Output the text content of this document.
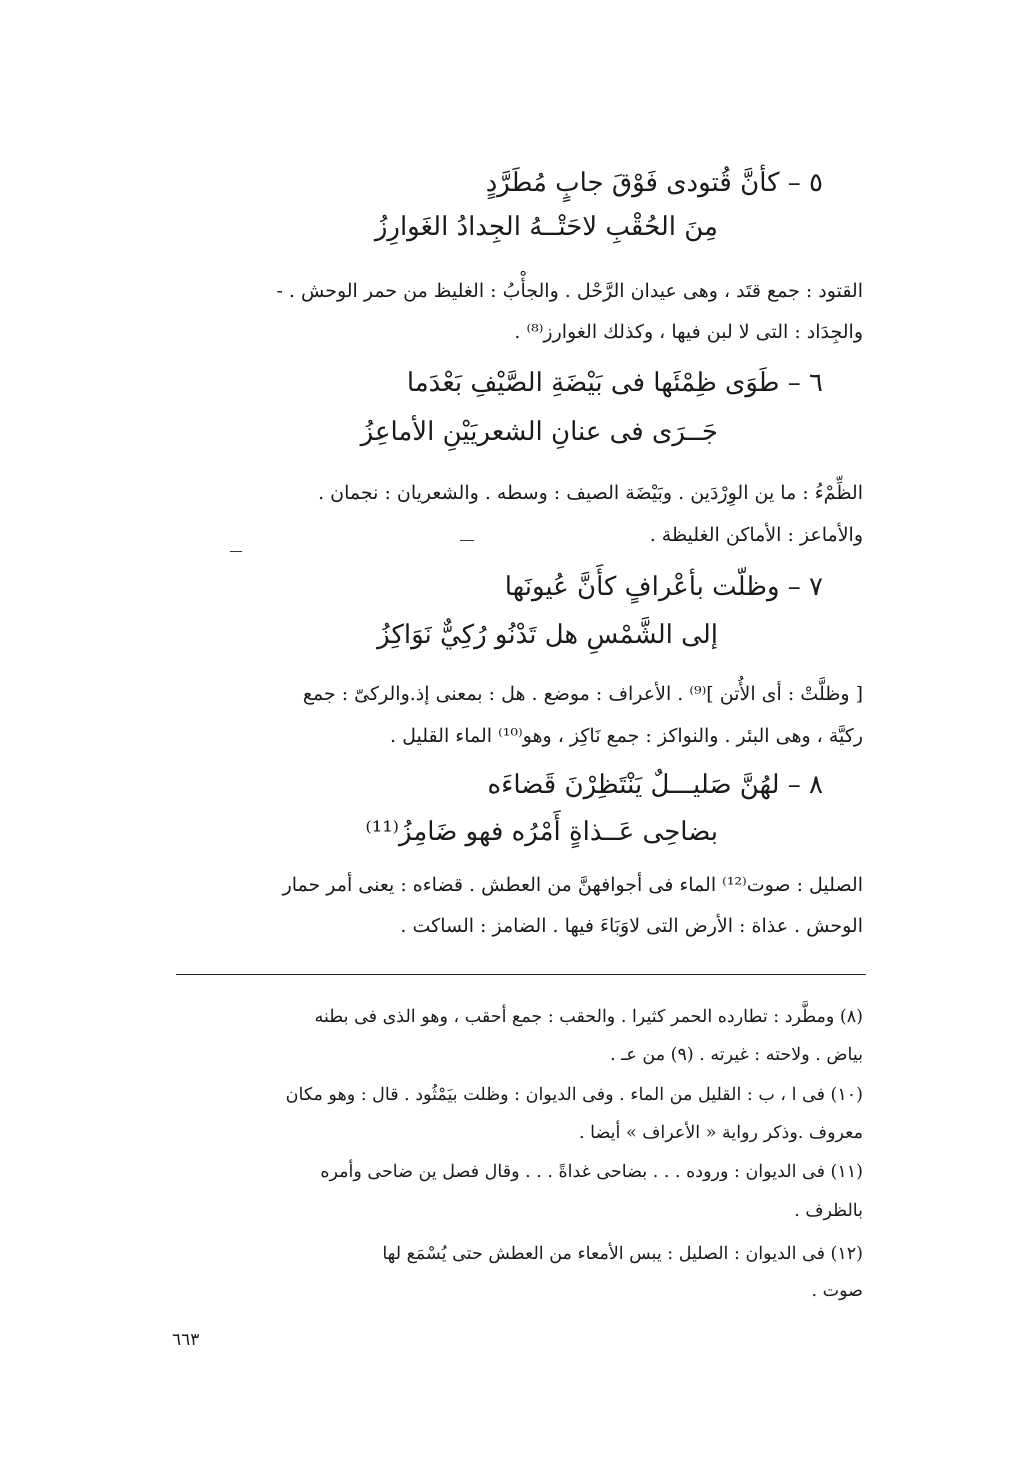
٥ – كأنَّ قُتودى فَوْقَ جابٍ مُطَرَّدٍ
مِنَ الحُقْبِ لاحَتْــهُ الجِدادُ الغَوارِزُ
القتود : جمع قتَد ، وهى عيدان الرَّحْل . والجأْبُ : الغليظ من حمر الوحش . -
والجِدَاد : التى لا لبن فيها ، وكذلك الغوارز⁽⁸⁾ .
٦ – طَوَى ظِمْئَها فى بَيْضَةِ الصَّيْفِ بَعْدَما
جَــرَى فى عنانِ الشعريَيْنِ الأماعِزُ
الظِّمْءُ : ما ين الوِرْدَين . وبَيْضَة الصيف : وسطه . والشعريان : نجمان .
والأماعز : الأماكن الغليظة .
٧ – وظلّت بأعْرافٍ كأَنَّ عُيونَها
إلى الشَّمْسِ هل تَدْنُو رُكِيٌّ نَوَاكِزُ
[ وظلَّتْ : أى الأُتن ]⁽⁹⁾ . الأعراف : موضع . هل : بمعنى إذ.والركىّ : جمع
ركيَّة ، وهى البئر . والنواكز : جمع نَاكِز ، وهو⁽¹⁰⁾ الماء القليل .
٨ – لهُنَّ صَليـــلٌ يَنْتَظِرْنَ قَضاءَه
بضاحِى عَــذاةٍ أَمْرُه فهو ضَامِزُ⁽¹¹⁾
الصليل : صوت⁽¹²⁾ الماء فى أجوافهنَّ من العطش . قضاءه : يعنى أمر حمار
الوحش . عذاة : الأرض التى لاوَبَاءَ فيها . الضامز : الساكت .
(٨) ومطَّرد : تطارده الحمر كثيرا . والحقب : جمع أحقب ، وهو الذى فى بطنه
بياض . ولاحته : غيرته . (٩) من عـ .
(١٠) فى ا ، ب : القليل من الماء . وفى الديوان : وظلت بيَمْثُود . قال : وهو مكان
معروف .وذكر رواية « الأعراف » أيضا .
(١١) فى الديوان : وروده . . . بضاحى غداةً . . . وقال فصل ين ضاحى وأمره
بالظرف .
(١٢) فى الديوان : الصليل : يبس الأمعاء من العطش حتى يُسْمَع لها
صوت .
٦٦٣
